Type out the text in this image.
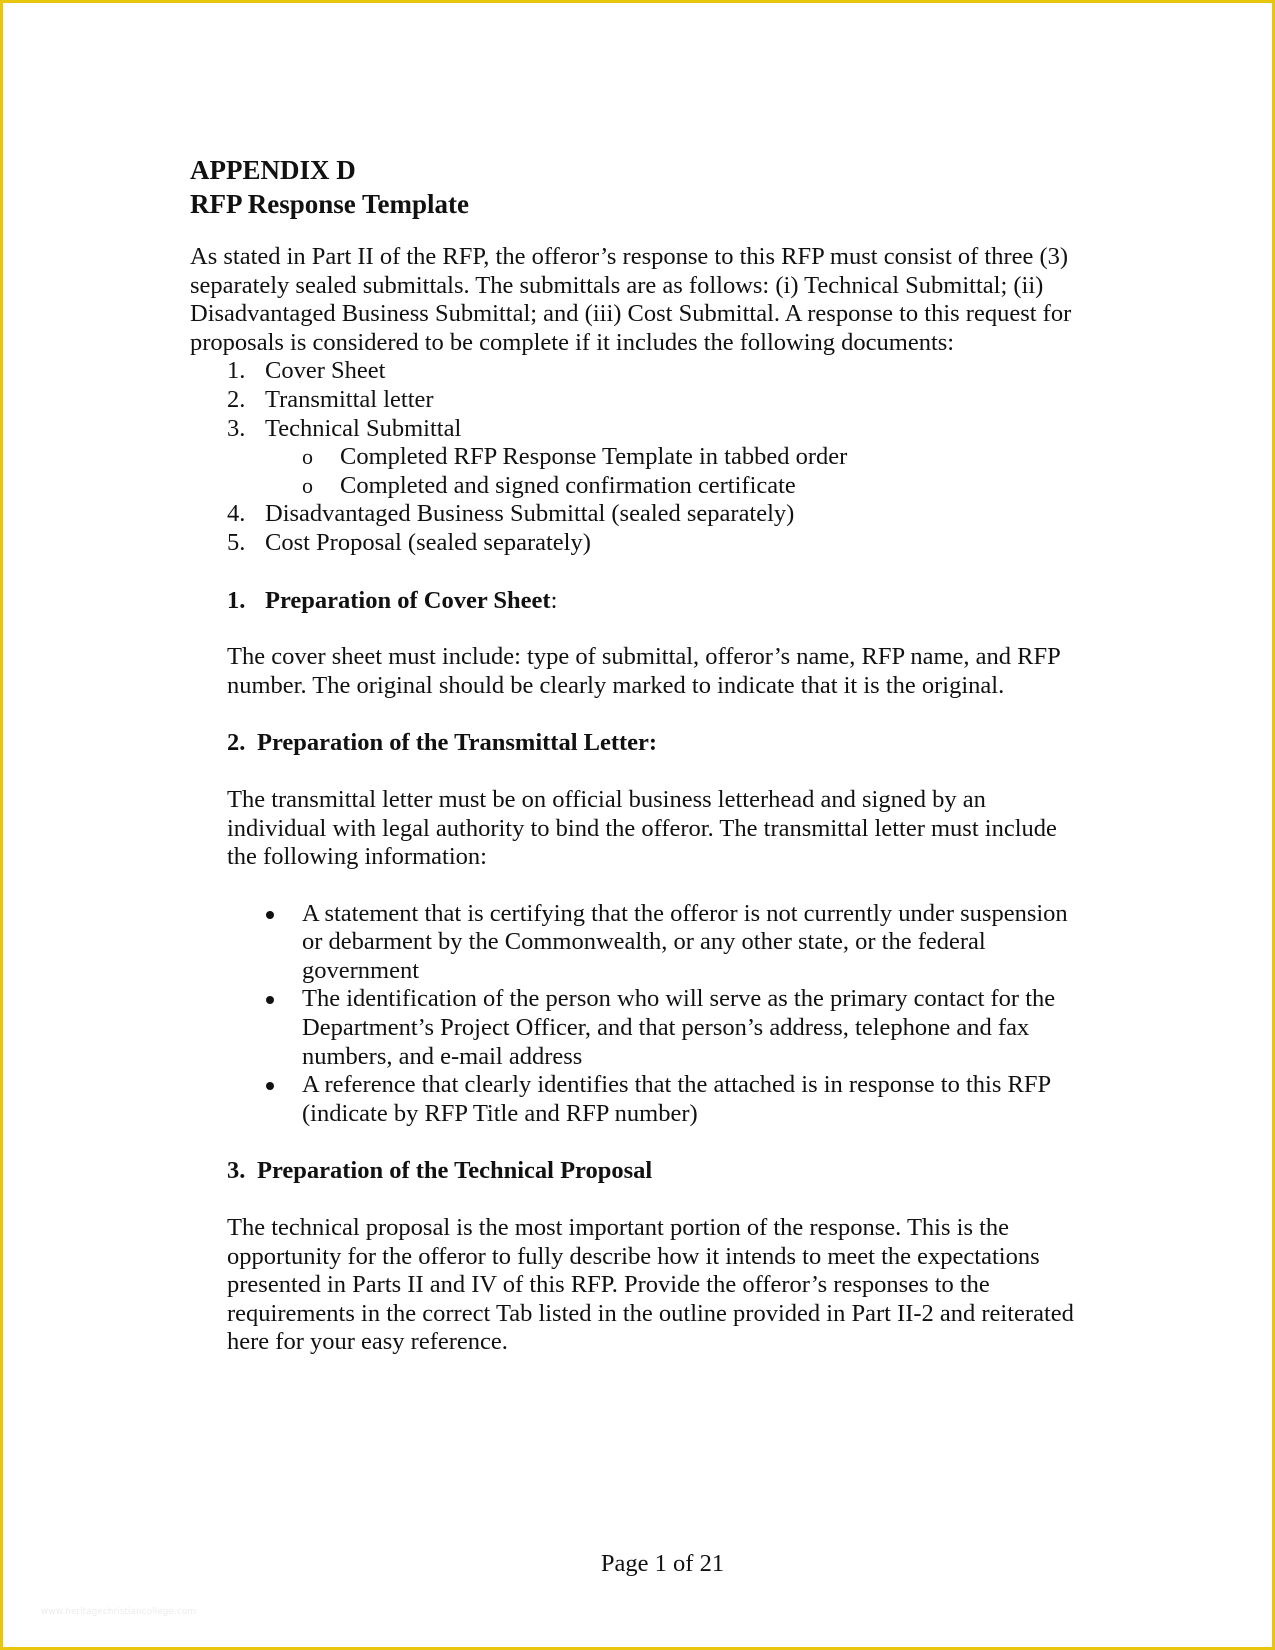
APPENDIX D
RFP Response Template

As stated in Part II of the RFP, the offeror’s response to this RFP must consist of three (3) separately sealed submittals. The submittals are as follows: (i) Technical Submittal; (ii) Disadvantaged Business Submittal; and (iii) Cost Submittal. A response to this request for proposals is considered to be complete if it includes the following documents:

1. Cover Sheet
2. Transmittal letter
3. Technical Submittal
o Completed RFP Response Template in tabbed order
o Completed and signed confirmation certificate
4. Disadvantaged Business Submittal (sealed separately)
5. Cost Proposal (sealed separately)
1. Preparation of Cover Sheet:

The cover sheet must include: type of submittal, offeror’s name, RFP name, and RFP number. The original should be clearly marked to indicate that it is the original.

2. Preparation of the Transmittal Letter:

The transmittal letter must be on official business letterhead and signed by an individual with legal authority to bind the offeror. The transmittal letter must include the following information:

A statement that is certifying that the offeror is not currently under suspension or debarment by the Commonwealth, or any other state, or the federal government
The identification of the person who will serve as the primary contact for the Department’s Project Officer, and that person’s address, telephone and fax numbers, and e-mail address
A reference that clearly identifies that the attached is in response to this RFP (indicate by RFP Title and RFP number)
3. Preparation of the Technical Proposal

The technical proposal is the most important portion of the response. This is the opportunity for the offeror to fully describe how it intends to meet the expectations presented in Parts II and IV of this RFP. Provide the offeror’s responses to the requirements in the correct Tab listed in the outline provided in Part II-2 and reiterated here for your easy reference.

Page 1 of 21
www.heritagechristiancollege.com
